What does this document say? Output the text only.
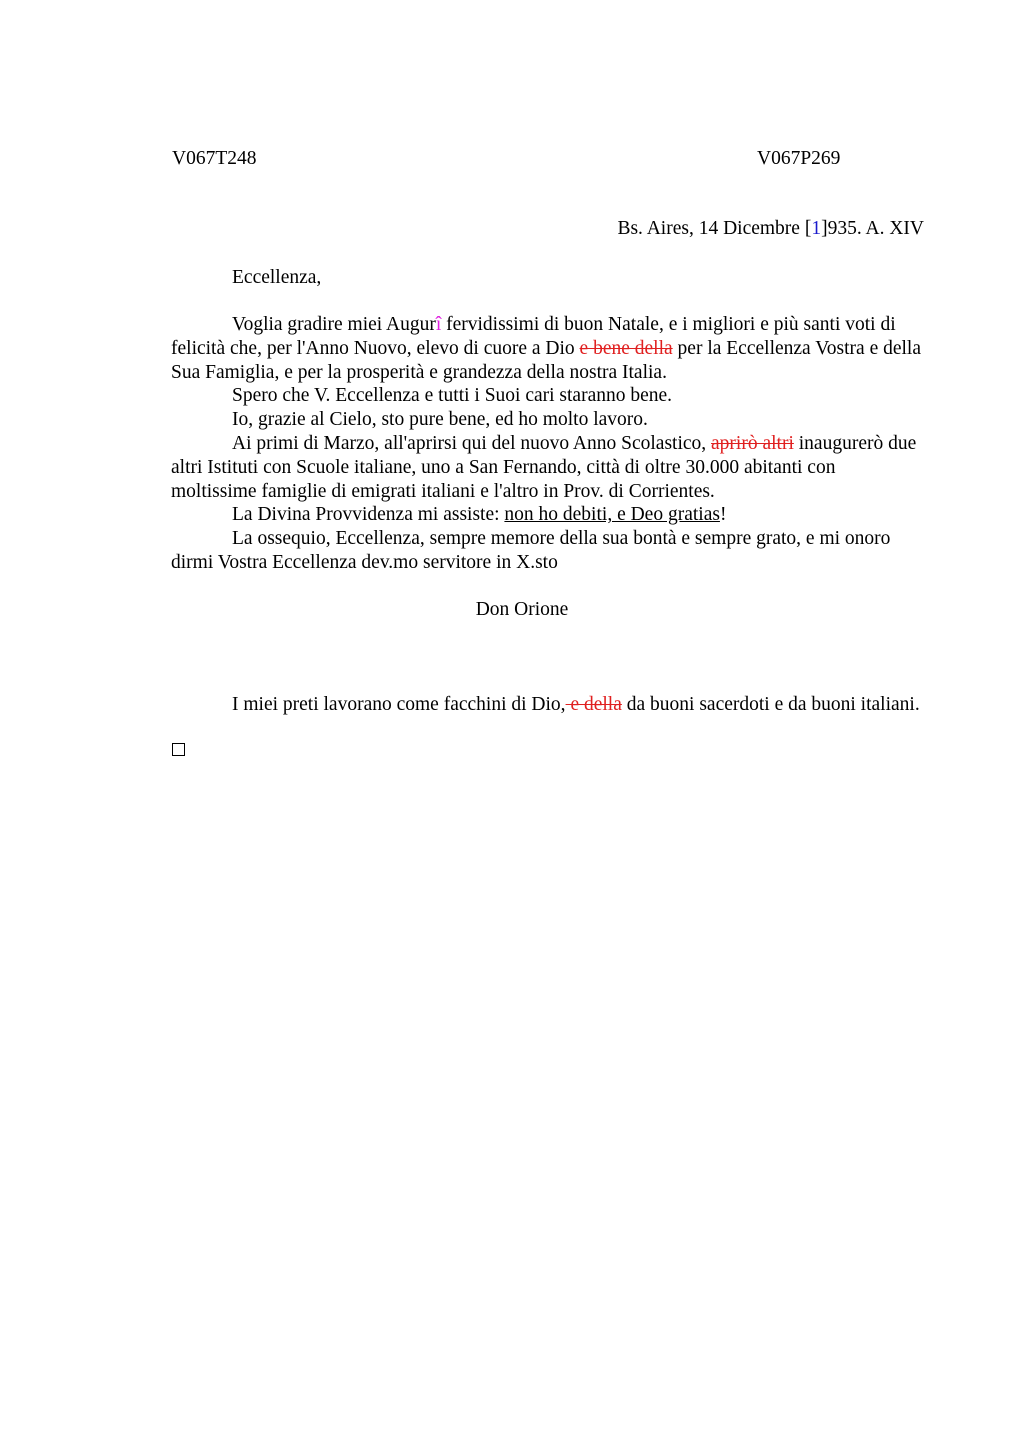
V067T248	V067P269
Bs. Aires, 14 Dicembre [1]935. A. XIV
Eccellenza,

Voglia gradire miei Augurî fervidissimi di buon Natale, e i migliori e più santi voti di felicità che, per l'Anno Nuovo, elevo di cuore a Dio e bene della per la Eccellenza Vostra e della Sua Famiglia, e per la prosperità e grandezza della nostra Italia.

Spero che V. Eccellenza e tutti i Suoi cari staranno bene.

Io, grazie al Cielo, sto pure bene, ed ho molto lavoro.

Ai primi di Marzo, all'aprirsi qui del nuovo Anno Scolastico, aprirò altri inaugurerò due altri Istituti con Scuole italiane, uno a San Fernando, città di oltre 30.000 abitanti con moltissime famiglie di emigrati italiani e l'altro in Prov. di Corrientes.

La Divina Provvidenza mi assiste: non ho debiti, e Deo gratias!

La ossequio, Eccellenza, sempre memore della sua bontà e sempre grato, e mi onoro dirmi Vostra Eccellenza dev.mo servitore in X.sto

Don Orione

I miei preti lavorano come facchini di Dio, e della da buoni sacerdoti e da buoni italiani.
